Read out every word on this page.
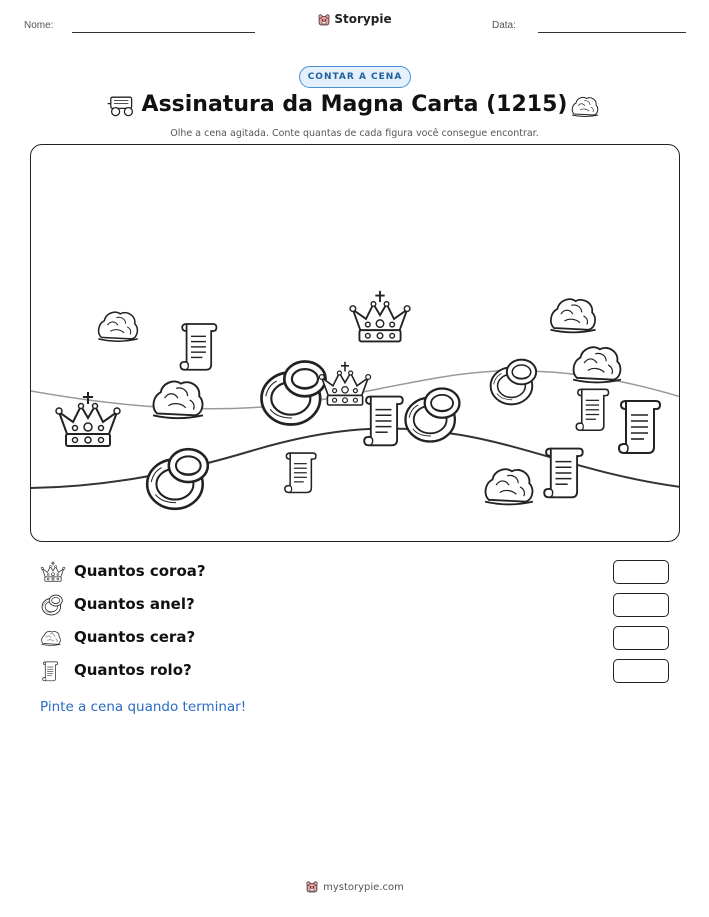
Nome:	Storypie	Data:
CONTAR A CENA
Assinatura da Magna Carta (1215)
Olhe a cena agitada. Conte quantas de cada figura você consegue encontrar.
Quantos coroa?
Quantos anel?
Quantos cera?
Quantos rolo?
Pinte a cena quando terminar!
mystorypie.com
